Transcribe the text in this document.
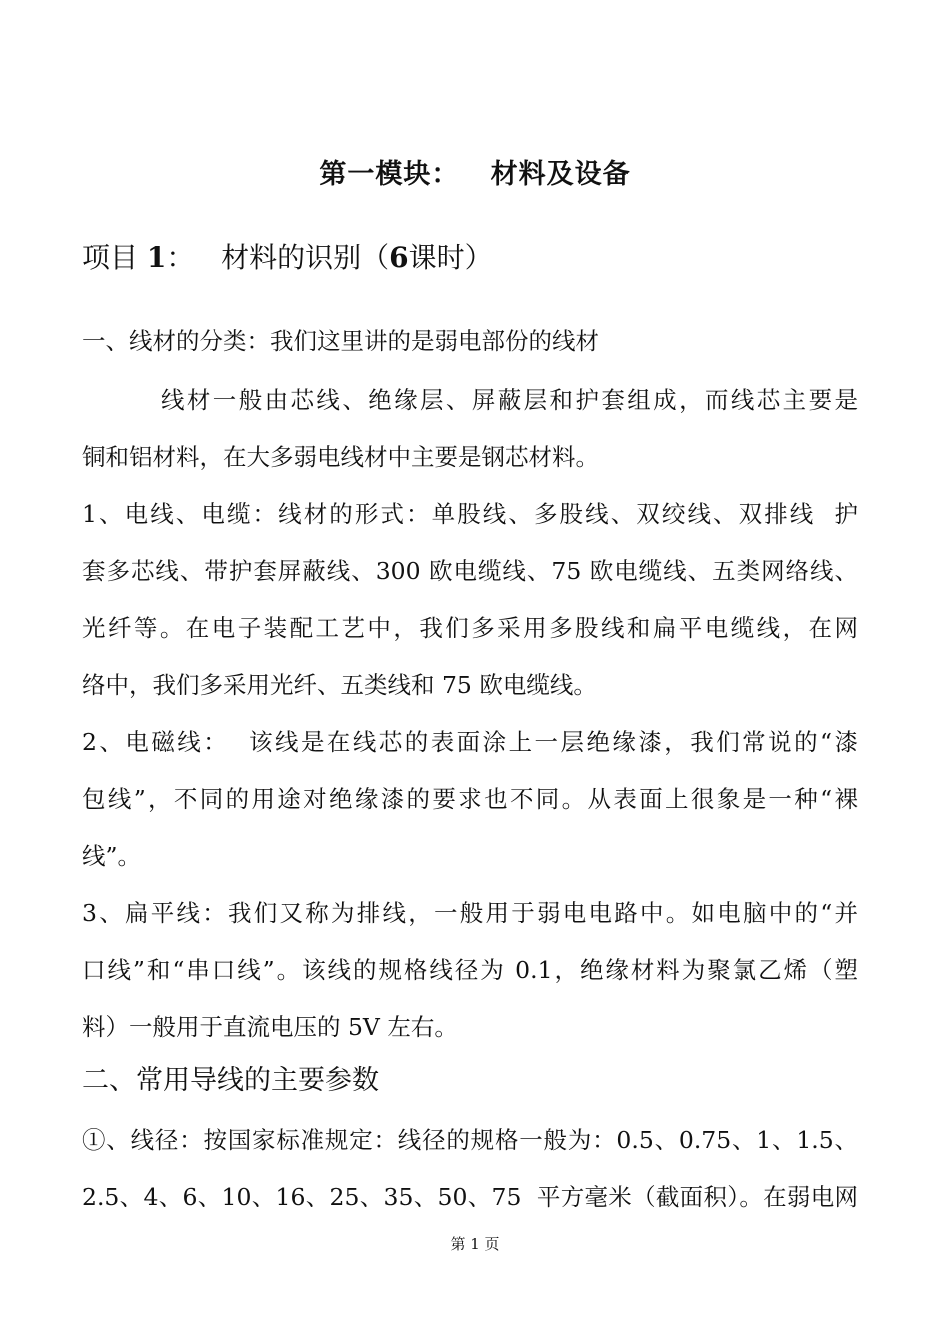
第一模块：   材料及设备
项目 1：   材料的识别（6课时）
一、线材的分类：我们这里讲的是弱电部份的线材
线材一般由芯线、绝缘层、屏蔽层和护套组成，而线芯主要是
铜和铝材料，在大多弱电线材中主要是钢芯材料。
1、电线、电缆：线材的形式：单股线、多股线、双绞线、双排线  护
套多芯线、带护套屏蔽线、300 欧电缆线、75 欧电缆线、五类网络线、
光纤等。在电子装配工艺中，我们多采用多股线和扁平电缆线，在网
络中，我们多采用光纤、五类线和 75 欧电缆线。
2、电磁线：  该线是在线芯的表面涂上一层绝缘漆，我们常说的“漆
包线”，不同的用途对绝缘漆的要求也不同。从表面上很象是一种“裸
线”。
3、扁平线：我们又称为排线，一般用于弱电电路中。如电脑中的“并
口线”和“串口线”。该线的规格线径为 0.1，绝缘材料为聚氯乙烯（塑
料）一般用于直流电压的 5V 左右。
二、常用导线的主要参数
①、线径：按国家标准规定：线径的规格一般为：0.5、0.75、1、1.5、
2.5、4、6、10、16、25、35、50、75  平方毫米（截面积）。在弱电网
第 1 页
